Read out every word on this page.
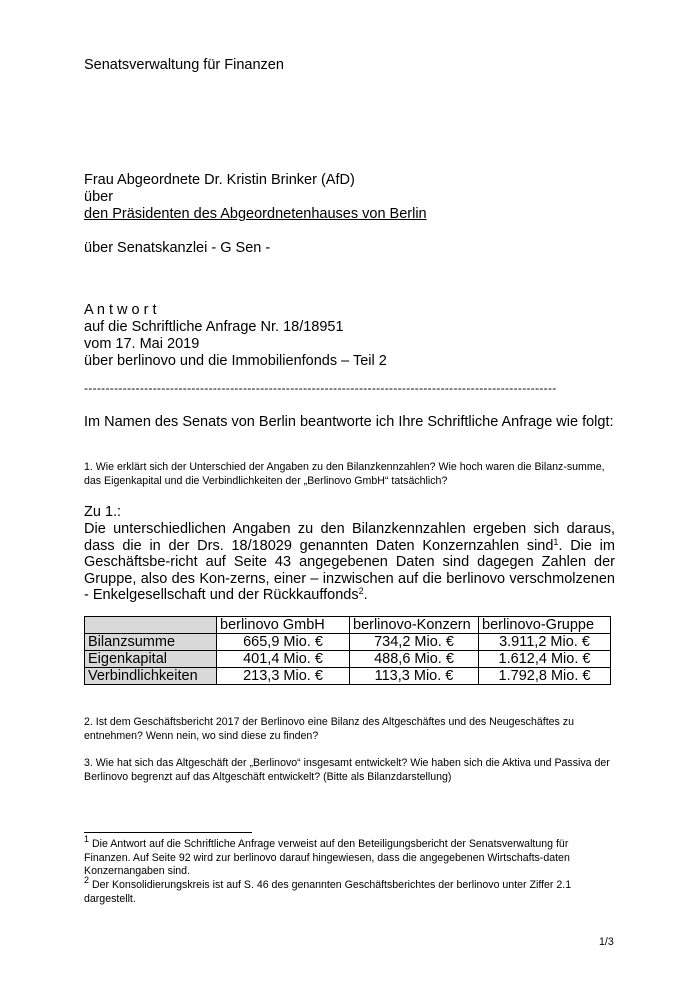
Senatsverwaltung für Finanzen
Frau Abgeordnete Dr. Kristin Brinker (AfD)
über
den Präsidenten des Abgeordnetenhauses von Berlin
über Senatskanzlei - G Sen -
A n t w o r t
auf die Schriftliche Anfrage Nr. 18/18951
vom 17. Mai 2019
über berlinovo und die Immobilienfonds – Teil 2
--------------------------------------------------------------------------------------------------------------
Im Namen des Senats von Berlin beantworte ich Ihre Schriftliche Anfrage wie folgt:
1. Wie erklärt sich der Unterschied der Angaben zu den Bilanzkennzahlen? Wie hoch waren die Bilanz-summe, das Eigenkapital und die Verbindlichkeiten der „Berlinovo GmbH“ tatsächlich?
Zu 1.:
Die unterschiedlichen Angaben zu den Bilanzkennzahlen ergeben sich daraus, dass die in der Drs. 18/18029 genannten Daten Konzernzahlen sind$^1$. Die im Geschäftsbe-richt auf Seite 43 angegebenen Daten sind dagegen Zahlen der Gruppe, also des Kon-zerns, einer – inzwischen auf die berlinovo verschmolzenen - Enkelgesellschaft und der Rückkauffonds$^2$.
	berlinovo GmbH	berlinovo-Konzern	berlinovo-Gruppe
Bilanzsumme	665,9 Mio. €	734,2 Mio. €	3.911,2 Mio. €
Eigenkapital	401,4 Mio. €	488,6 Mio. €	1.612,4 Mio. €
Verbindlichkeiten	213,3 Mio. €	113,3 Mio. €	1.792,8 Mio. €
2. Ist dem Geschäftsbericht 2017 der Berlinovo eine Bilanz des Altgeschäftes und des Neugeschäftes zu entnehmen? Wenn nein, wo sind diese zu finden?
3. Wie hat sich das Altgeschäft der „Berlinovo“ insgesamt entwickelt? Wie haben sich die Aktiva und Passiva der Berlinovo begrenzt auf das Altgeschäft entwickelt? (Bitte als Bilanzdarstellung)
$^1$ Die Antwort auf die Schriftliche Anfrage verweist auf den Beteiligungsbericht der Senatsverwaltung für Finanzen. Auf Seite 92 wird zur berlinovo darauf hingewiesen, dass die angegebenen Wirtschafts-daten Konzernangaben sind.
$^2$ Der Konsolidierungskreis ist auf S. 46 des genannten Geschäftsberichtes der berlinovo unter Ziffer 2.1 dargestellt.
1/3
